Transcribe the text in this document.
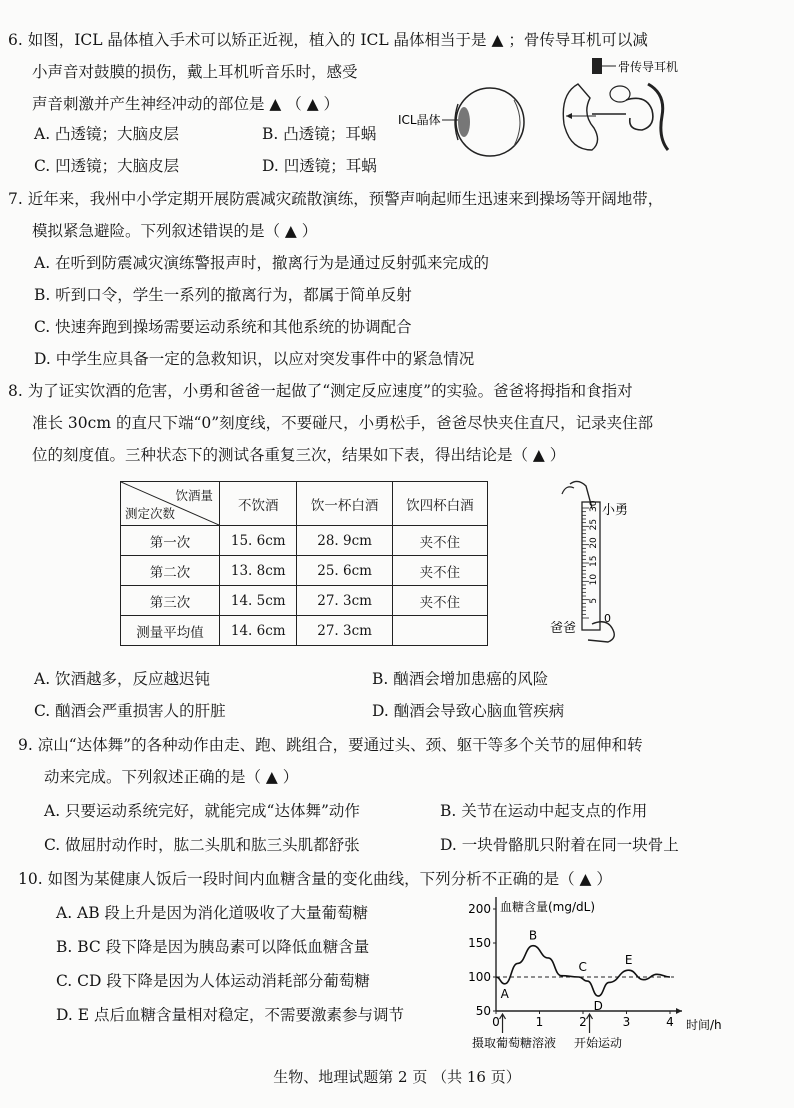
6. 如图，ICL 晶体植入手术可以矫正近视，植入的 ICL 晶体相当于是 ▲ ；骨传导耳机可以减
小声音对鼓膜的损伤，戴上耳机听音乐时，感受
声音刺激并产生神经冲动的部位是 ▲ （ ▲ ）
A. 凸透镜；大脑皮层	B. 凸透镜；耳蜗
C. 凹透镜；大脑皮层	D. 凹透镜；耳蜗
ICL晶体
骨传导耳机
7. 近年来，我州中小学定期开展防震减灾疏散演练，预警声响起师生迅速来到操场等开阔地带，
模拟紧急避险。下列叙述错误的是（ ▲ ）
A. 在听到防震减灾演练警报声时，撤离行为是通过反射弧来完成的
B. 听到口令，学生一系列的撤离行为，都属于简单反射
C. 快速奔跑到操场需要运动系统和其他系统的协调配合
D. 中学生应具备一定的急救知识，以应对突发事件中的紧急情况
8. 为了证实饮酒的危害，小勇和爸爸一起做了“测定反应速度”的实验。爸爸将拇指和食指对
准长 30cm 的直尺下端“0”刻度线，不要碰尺，小勇松手，爸爸尽快夹住直尺，记录夹住部
位的刻度值。三种状态下的测试各重复三次，结果如下表，得出结论是（ ▲ ）
饮酒量
测定次数	不饮酒	饮一杯白酒	饮四杯白酒
第一次	15. 6cm	28. 9cm	夹不住
第二次	13. 8cm	25. 6cm	夹不住
第三次	14. 5cm	27. 3cm	夹不住
测量平均值	14. 6cm	27. 3cm	
小勇
爸爸
0
5
10
15
20
25
30
A. 饮酒越多，反应越迟钝	B. 酗酒会增加患癌的风险
C. 酗酒会严重损害人的肝脏	D. 酗酒会导致心脑血管疾病
9. 凉山“达体舞”的各种动作由走、跑、跳组合，要通过头、颈、躯干等多个关节的屈伸和转
动来完成。下列叙述正确的是（ ▲ ）
A. 只要运动系统完好，就能完成“达体舞”动作	B. 关节在运动中起支点的作用
C. 做屈肘动作时，肱二头肌和肱三头肌都舒张	D. 一块骨骼肌只附着在同一块骨上
10. 如图为某健康人饭后一段时间内血糖含量的变化曲线，下列分析不正确的是（ ▲ ）
A. AB 段上升是因为消化道吸收了大量葡萄糖
B. BC 段下降是因为胰岛素可以降低血糖含量
C. CD 段下降是因为人体运动消耗部分葡萄糖
D. E 点后血糖含量相对稳定，不需要激素参与调节
血糖含量(mg/dL)
时间/h
200
150
100
50
0	1	2	3	4
A
B
C
D
E
摄取葡萄糖溶液 开始运动
生物、地理试题第 2 页 （共 16 页）
